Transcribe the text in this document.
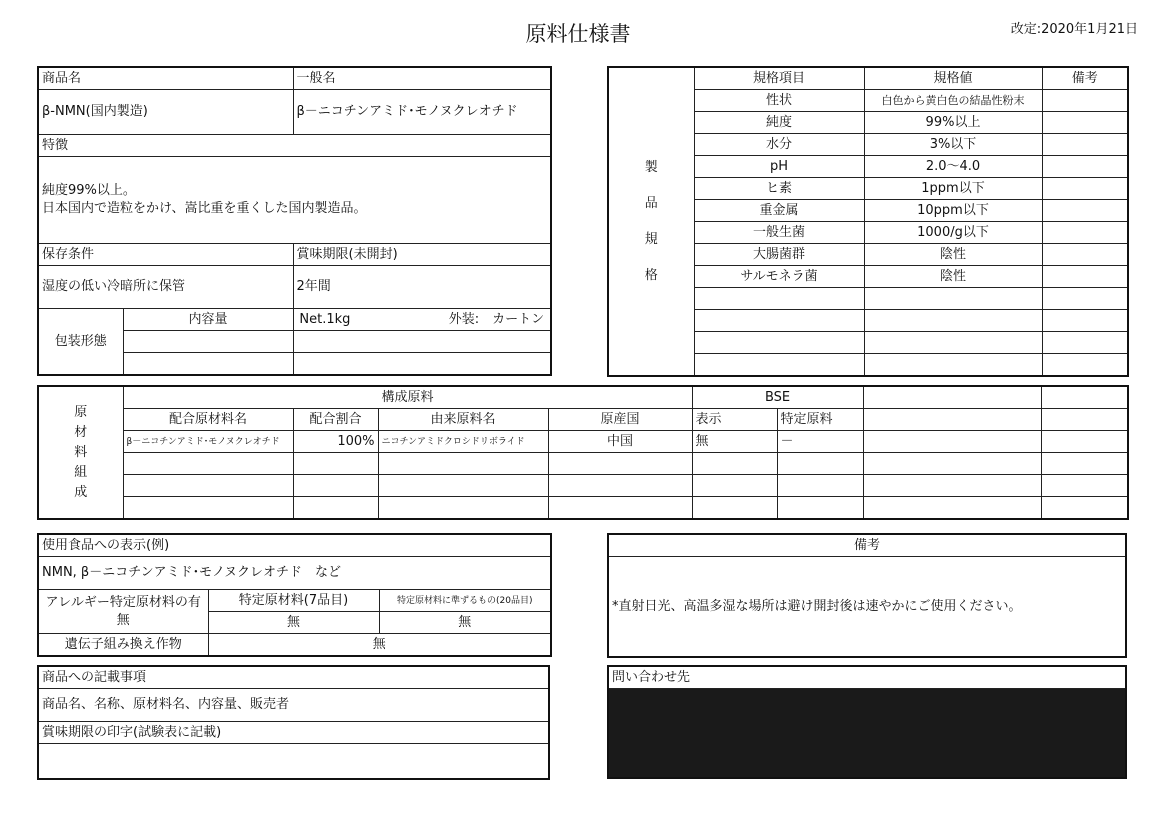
原料仕様書	改定:2020年1月21日
商品名		一般名
β-NMN(国内製造)		β－ニコチンアミド･モノヌクレオチド
特徴		

純度99%以上。
日本国内で造粒をかけ、嵩比重を重くした国内製造品。		

保存条件		賞味期限(未開封)
湿度の低い冷暗所に保管		2年間
包装形態	内容量	Net.1kg 外装:　カートン

製
品
規
格	規格項目	規格値	備考
	性状	白色から黄白色の結晶性粉末	
	純度	99%以上	
	水分	3%以下	
	pH	2.0～4.0	
	ヒ素	1ppm以下	
	重金属	10ppm以下	
	一般生菌	1000/g以下	
	大腸菌群	陰性	
	サルモネラ菌	陰性	

原
材
料
組
成	構成原料				BSE			
	配合原材料名	配合割合	由来原料名	原産国	表示	特定原料		
	β－ニコチンアミド･モノヌクレオチド	100%	ニコチンアミドクロシドリボライド	中国	無	－		

使用食品への表示(例)		
NMN, β－ニコチンアミド･モノヌクレオチド　など		
アレルギー特定原材料の有無	特定原材料(7品目)	特定原材料に準ずるもの(20品目)
	無	無
遺伝子組み換え作物	無	
備考
*直射日光、高温多湿な場所は避け開封後は速やかにご使用ください。
商品への記載事項
商品名、名称、原材料名、内容量、販売者
賞味期限の印字(試験表に記載)

問い合わせ先
